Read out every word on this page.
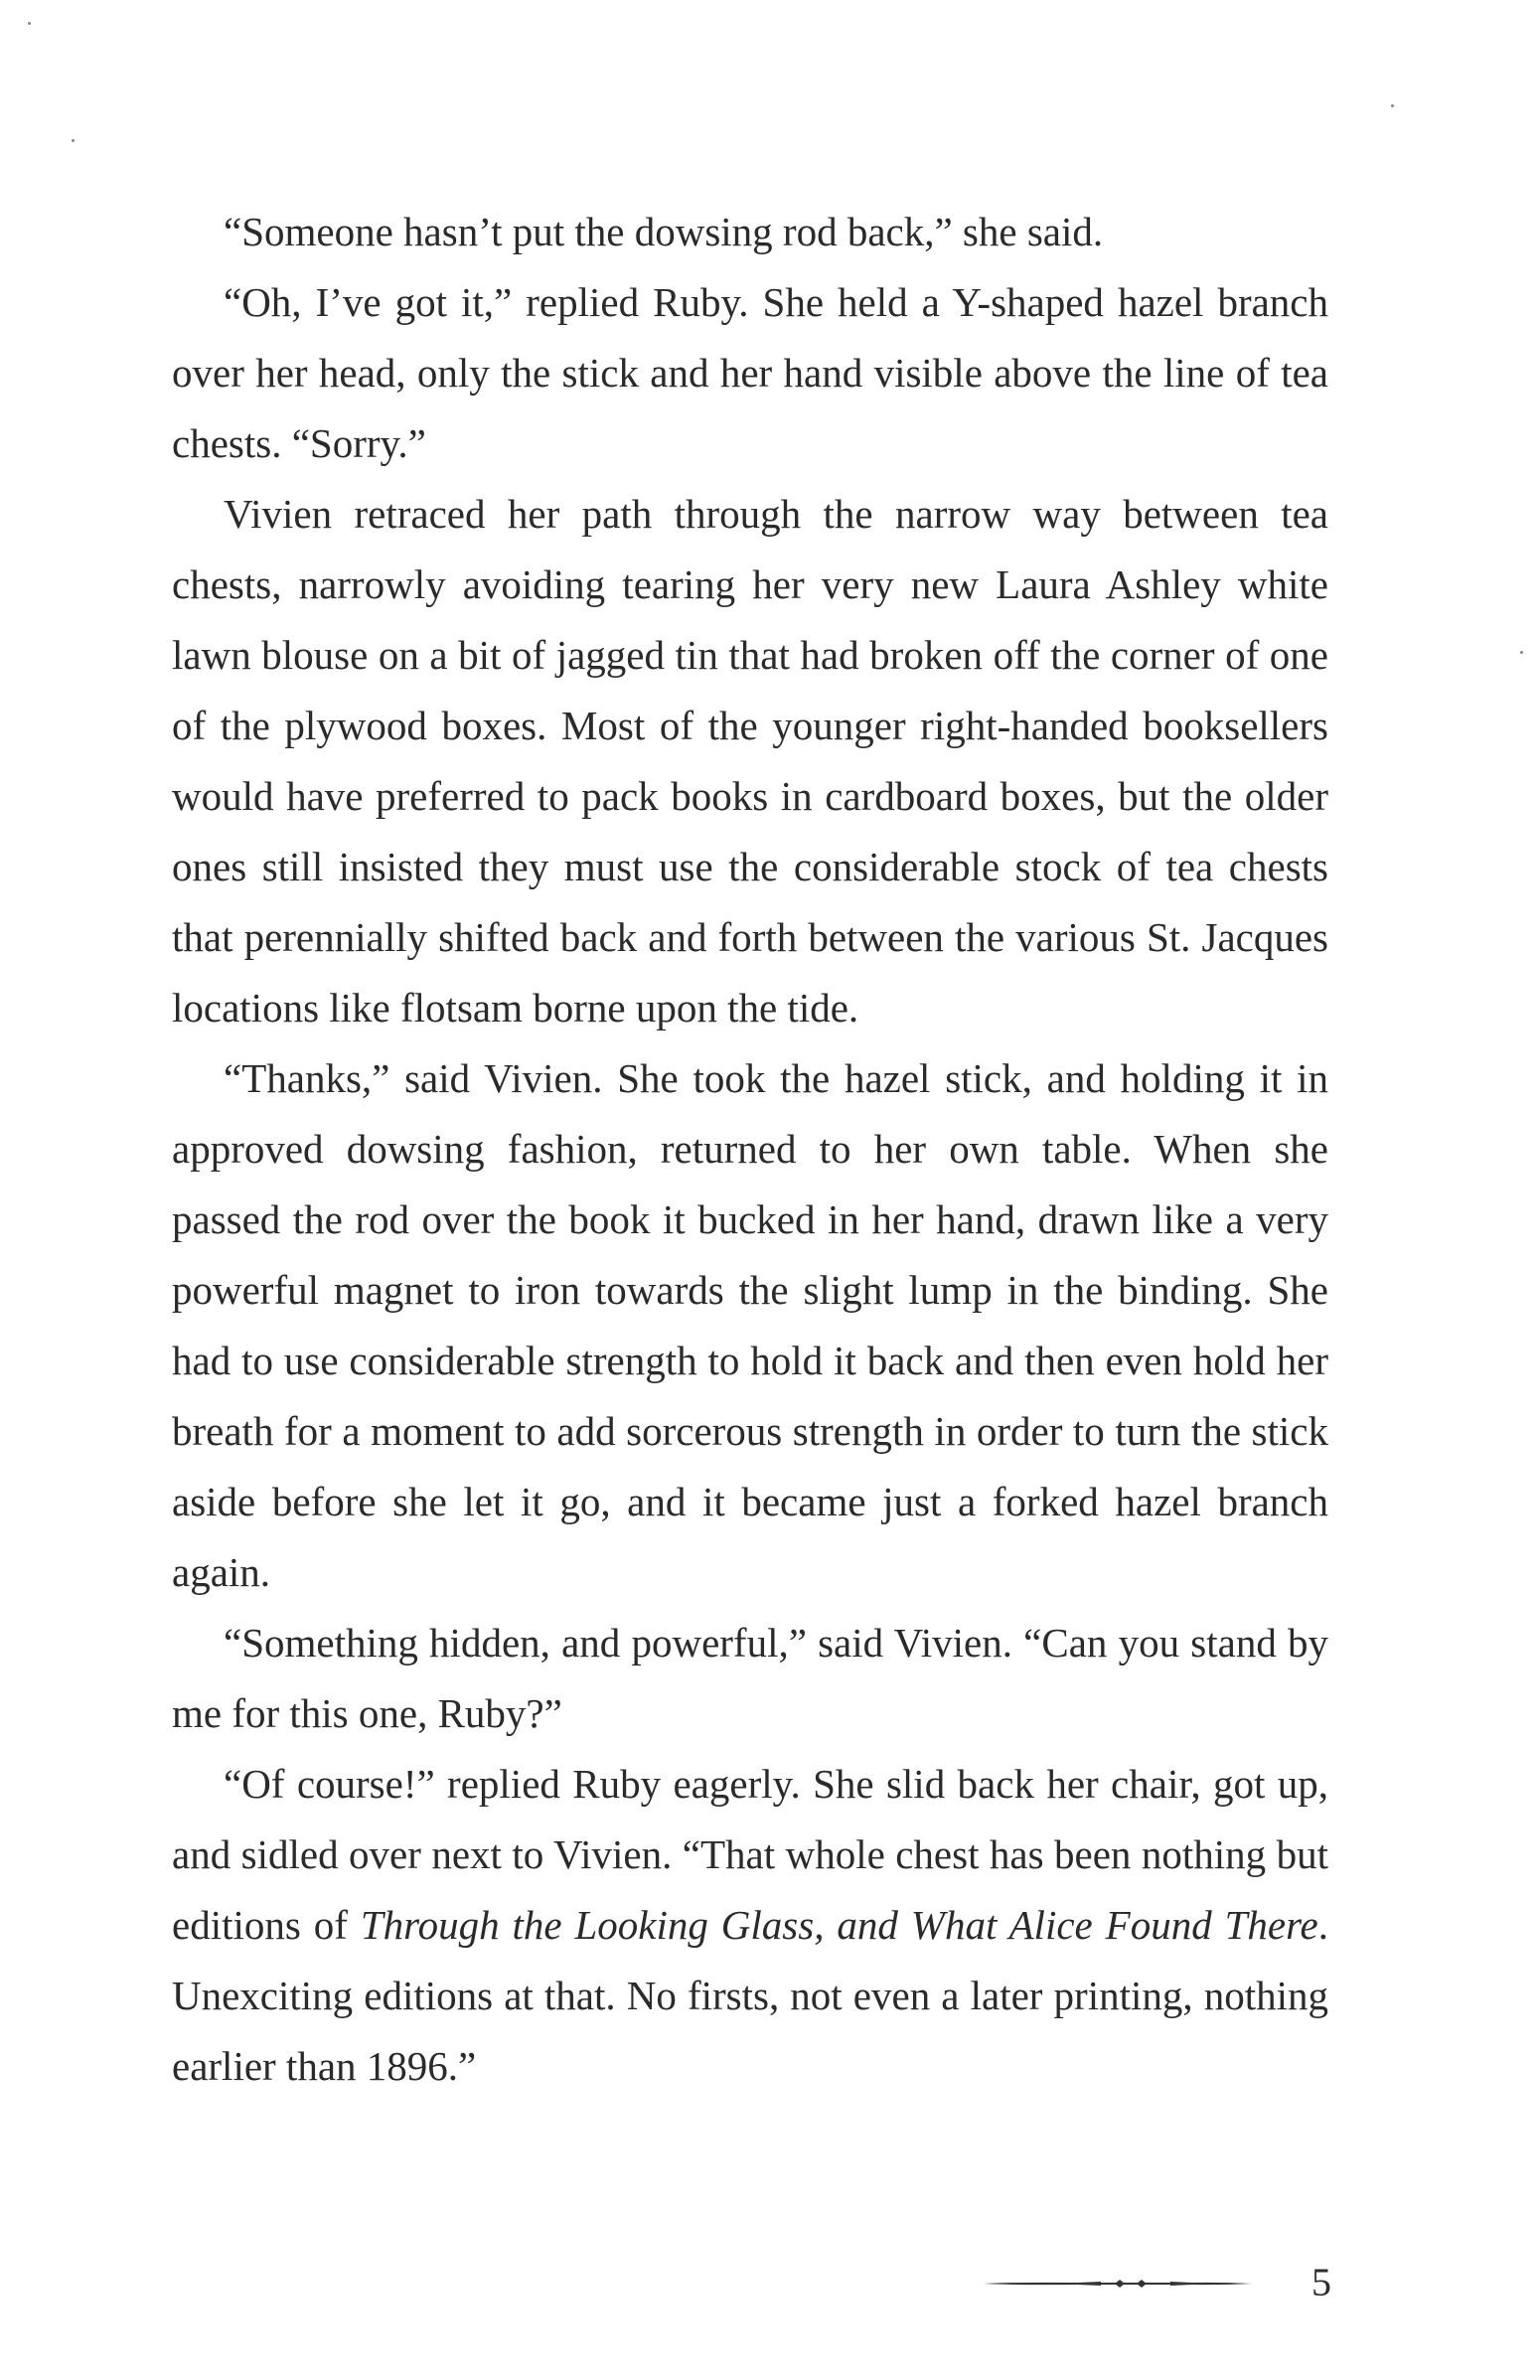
“Someone hasn’t put the dowsing rod back,” she said.

“Oh, I’ve got it,” replied Ruby. She held a Y-shaped hazel branch over her head, only the stick and her hand visible above the line of tea chests. “Sorry.”

Vivien retraced her path through the narrow way between tea chests, narrowly avoiding tearing her very new Laura Ashley white lawn blouse on a bit of jagged tin that had broken off the corner of one of the plywood boxes. Most of the younger right-handed booksellers would have preferred to pack books in cardboard boxes, but the older ones still insisted they must use the considerable stock of tea chests that perennially shifted back and forth between the various St. Jacques locations like flotsam borne upon the tide.

“Thanks,” said Vivien. She took the hazel stick, and holding it in approved dowsing fashion, returned to her own table. When she passed the rod over the book it bucked in her hand, drawn like a very powerful magnet to iron towards the slight lump in the binding. She had to use considerable strength to hold it back and then even hold her breath for a moment to add sorcerous strength in order to turn the stick aside before she let it go, and it became just a forked hazel branch again.

“Something hidden, and powerful,” said Vivien. “Can you stand by me for this one, Ruby?”

“Of course!” replied Ruby eagerly. She slid back her chair, got up, and sidled over next to Vivien. “That whole chest has been nothing but editions of Through the Looking Glass, and What Alice Found There. Unexciting editions at that. No firsts, not even a later printing, nothing earlier than 1896.”

5
